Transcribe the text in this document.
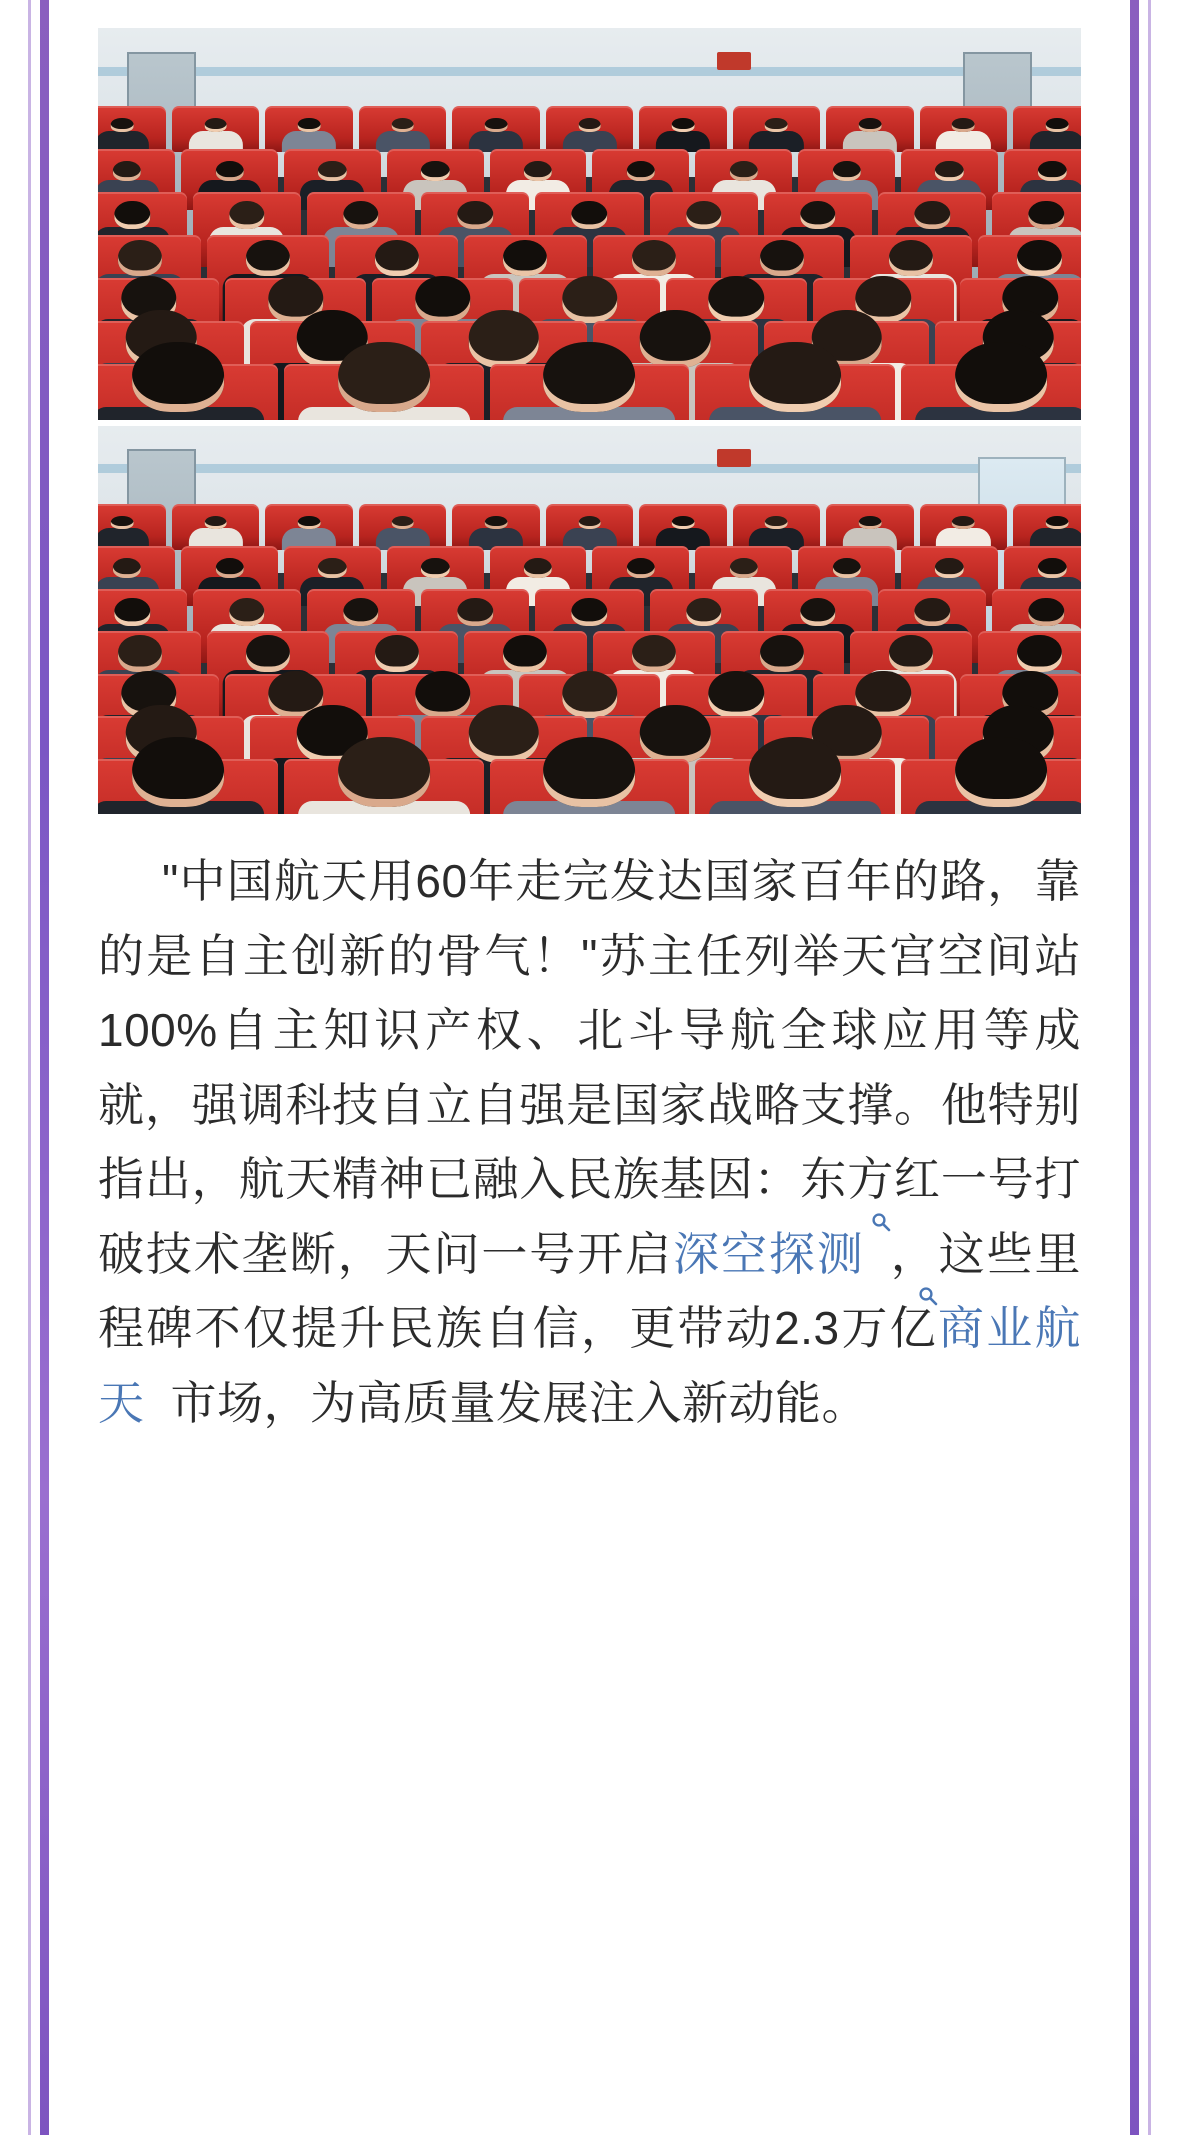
"中国航天用60年走完发达国家百年的路，靠的是自主创新的骨气！"苏主任列举天宫空间站100%自主知识产权、北斗导航全球应用等成就，强调科技自立自强是国家战略支撑。他特别指出，航天精神已融入民族基因：东方红一号打破技术垄断，天问一号开启深空探测 ，这些里程碑不仅提升民族自信，更带动2.3万亿商业航天 市场，为高质量发展注入新动能。
